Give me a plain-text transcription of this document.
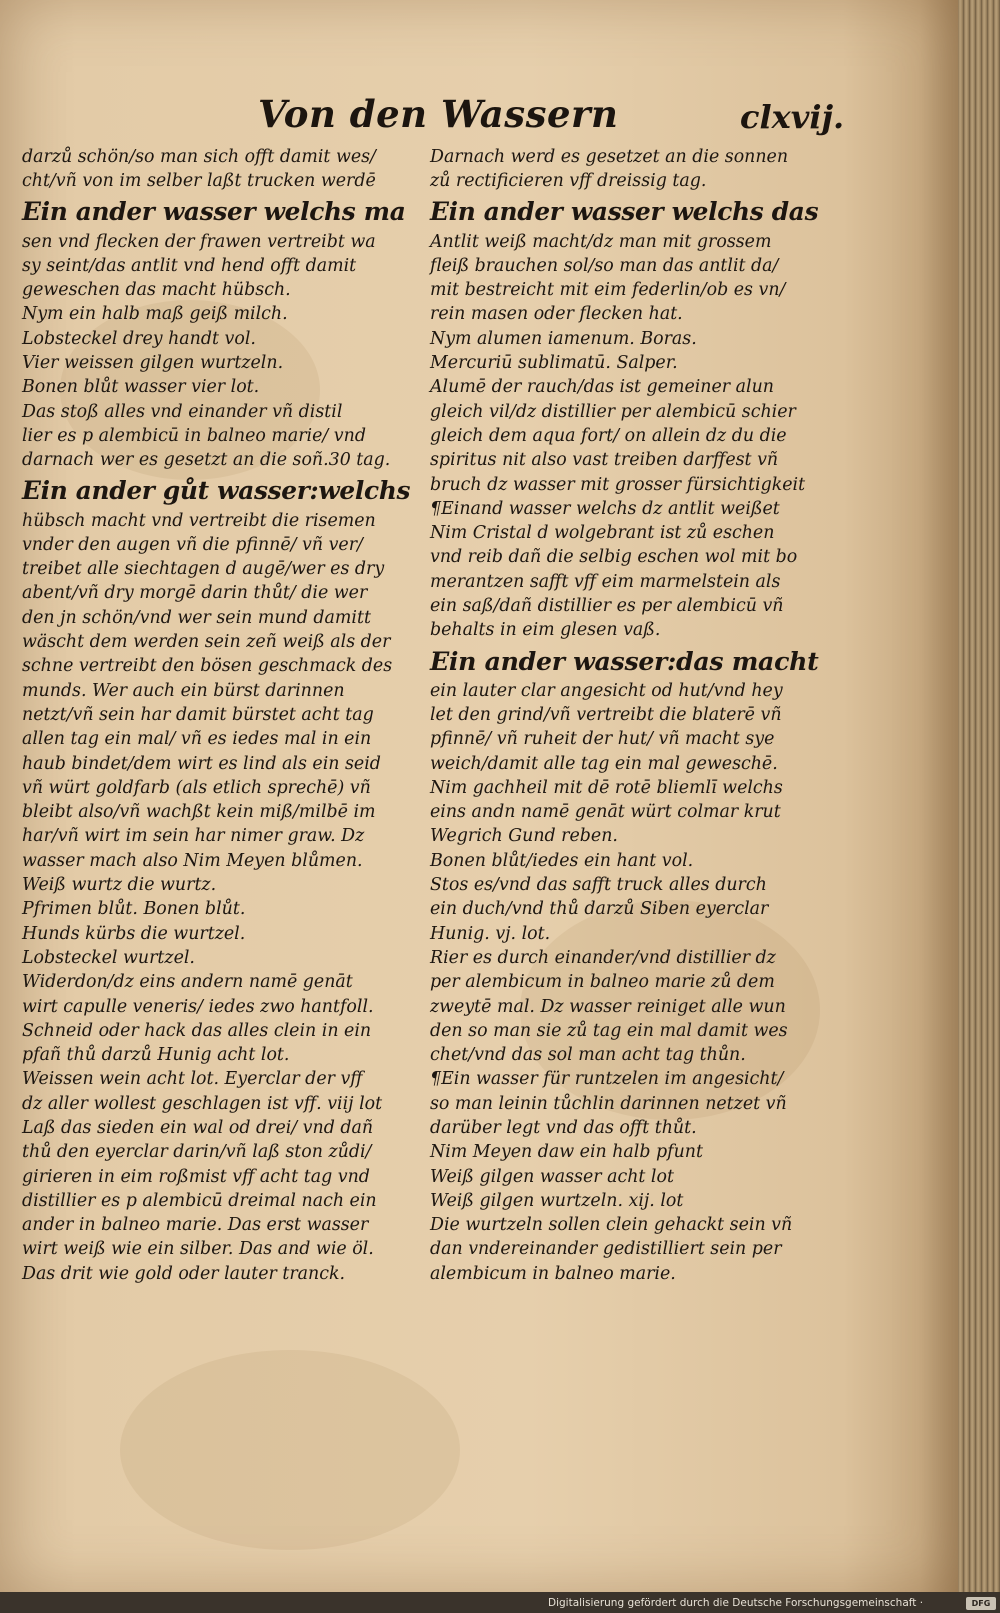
Von den Wassern	clxvij.
darzů schön/so man sich offt damit wes/
cht/vñ von im selber laßt trucken werdē
Ein ander wasser welchs ma
sen vnd flecken der frawen vertreibt wa
sy seint/das antlit vnd hend offt damit
geweschen das macht hübsch.
Nym ein halb maß geiß milch.
Lobsteckel drey handt vol.
Vier weissen gilgen wurtzeln.
Bonen blůt wasser vier lot.
Das stoß alles vnd einander vñ distil
lier es p alembicū in balneo marie/ vnd
darnach wer es gesetzt an die soñ.30 tag.
Ein ander gůt wasser:welchs
hübsch macht vnd vertreibt die risemen
vnder den augen vñ die pfinnē/ vñ ver/
treibet alle siechtagen d augē/wer es dry
abent/vñ dry morgē darin thůt/ die wer
den jn schön/vnd wer sein mund damitt
wäscht dem werden sein zeñ weiß als der
schne vertreibt den bösen geschmack des
munds. Wer auch ein bürst darinnen
netzt/vñ sein har damit bürstet acht tag
allen tag ein mal/ vñ es iedes mal in ein
haub bindet/dem wirt es lind als ein seid
vñ würt goldfarb (als etlich sprechē) vñ
bleibt also/vñ wachßt kein miß/milbē im
har/vñ wirt im sein har nimer graw. Dz
wasser mach also Nim Meyen blůmen.
Weiß wurtz die wurtz.
Pfrimen blůt. Bonen blůt.
Hunds kürbs die wurtzel.
Lobsteckel wurtzel.
Widerdon/dz eins andern namē genāt
wirt capulle veneris/ iedes zwo hantfoll.
Schneid oder hack das alles clein in ein
pfañ thů darzů Hunig acht lot.
Weissen wein acht lot. Eyerclar der vff
dz aller wollest geschlagen ist vff. viij lot
Laß das sieden ein wal od drei/ vnd dañ
thů den eyerclar darin/vñ laß ston zůdi/
girieren in eim roßmist vff acht tag vnd
distillier es p alembicū dreimal nach ein
ander in balneo marie. Das erst wasser
wirt weiß wie ein silber. Das and wie öl.
Das drit wie gold oder lauter tranck.
Darnach werd es gesetzet an die sonnen
zů rectificieren vff dreissig tag.
Ein ander wasser welchs das
Antlit weiß macht/dz man mit grossem
fleiß brauchen sol/so man das antlit da/
mit bestreicht mit eim federlin/ob es vn/
rein masen oder flecken hat.
Nym alumen iamenum. Boras.
Mercuriū sublimatū. Salper.
Alumē der rauch/das ist gemeiner alun
gleich vil/dz distillier per alembicū schier
gleich dem aqua fort/ on allein dz du die
spiritus nit also vast treiben darffest vñ
bruch dz wasser mit grosser fürsichtigkeit
¶Einand wasser welchs dz antlit weißet
Nim Cristal d wolgebrant ist zů eschen
vnd reib dañ die selbig eschen wol mit bo
merantzen safft vff eim marmelstein als
ein saß/dañ distillier es per alembicū vñ
behalts in eim glesen vaß.
Ein ander wasser:das macht
ein lauter clar angesicht od hut/vnd hey
let den grind/vñ vertreibt die blaterē vñ
pfinnē/ vñ ruheit der hut/ vñ macht sye
weich/damit alle tag ein mal geweschē.
Nim gachheil mit dē rotē bliemlī welchs
eins andn namē genāt würt colmar krut
Wegrich Gund reben.
Bonen blůt/iedes ein hant vol.
Stos es/vnd das safft truck alles durch
ein duch/vnd thů darzů Siben eyerclar
Hunig. vj. lot.
Rier es durch einander/vnd distillier dz
per alembicum in balneo marie zů dem
zweytē mal. Dz wasser reiniget alle wun
den so man sie zů tag ein mal damit wes
chet/vnd das sol man acht tag thůn.
¶Ein wasser für runtzelen im angesicht/
so man leinin tůchlin darinnen netzet vñ
darüber legt vnd das offt thůt.
Nim Meyen daw ein halb pfunt
Weiß gilgen wasser acht lot
Weiß gilgen wurtzeln. xij. lot
Die wurtzeln sollen clein gehackt sein vñ
dan vndereinander gedistilliert sein per
alembicum in balneo marie.
Digitalisierung gefördert durch die Deutsche Forschungsgemeinschaft ·	DFG
